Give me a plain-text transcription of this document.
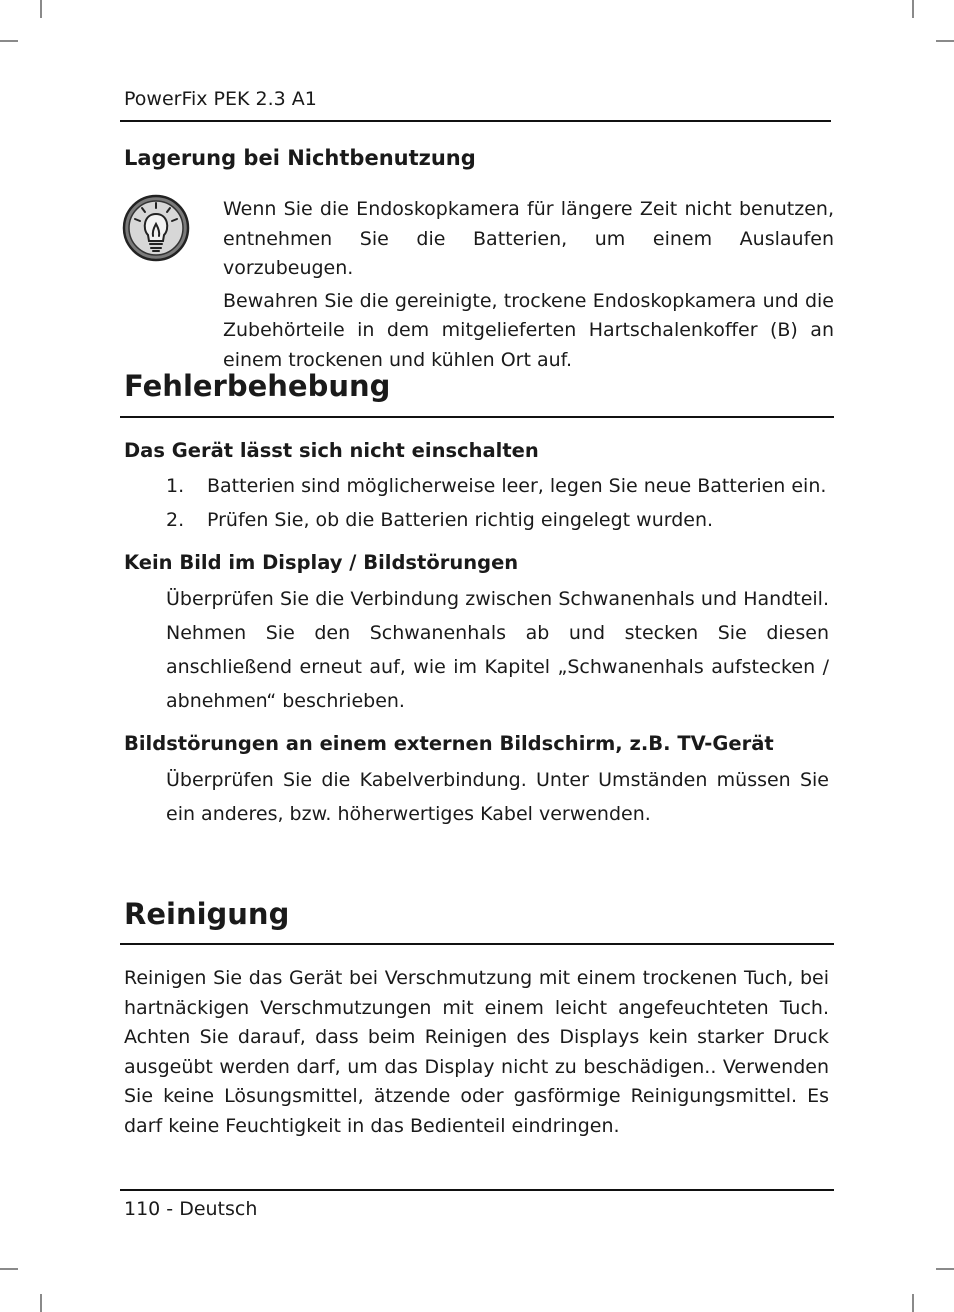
PowerFix PEK 2.3 A1
Lagerung bei Nichtbenutzung

Wenn Sie die Endoskopkamera für längere Zeit nicht benutzen, entnehmen Sie die Batterien, um einem Auslaufen vorzubeugen.

Bewahren Sie die gereinigte, trockene Endoskopkamera und die Zubehörteile in dem mitgelieferten Hartschalenkoffer (B) an einem trockenen und kühlen Ort auf.

Fehlerbehebung
Das Gerät lässt sich nicht einschalten
1. Batterien sind möglicherweise leer, legen Sie neue Batterien ein.
2. Prüfen Sie, ob die Batterien richtig eingelegt wurden.
Kein Bild im Display / Bildstörungen
Überprüfen Sie die Verbindung zwischen Schwanenhals und Handteil. Nehmen Sie den Schwanenhals ab und stecken Sie diesen anschließend erneut auf, wie im Kapitel „Schwanenhals aufstecken / abnehmen“ beschrieben.
Bildstörungen an einem externen Bildschirm, z.B. TV-Gerät
Überprüfen Sie die Kabelverbindung. Unter Umständen müssen Sie ein anderes, bzw. höherwertiges Kabel verwenden.
Reinigung
Reinigen Sie das Gerät bei Verschmutzung mit einem trockenen Tuch, bei hartnäckigen Verschmutzungen mit einem leicht angefeuchteten Tuch. Achten Sie darauf, dass beim Reinigen des Displays kein starker Druck ausgeübt werden darf, um das Display nicht zu beschädigen.. Verwenden Sie keine Lösungsmittel, ätzende oder gasförmige Reinigungsmittel. Es darf keine Feuchtigkeit in das Bedienteil eindringen.
110 - Deutsch
